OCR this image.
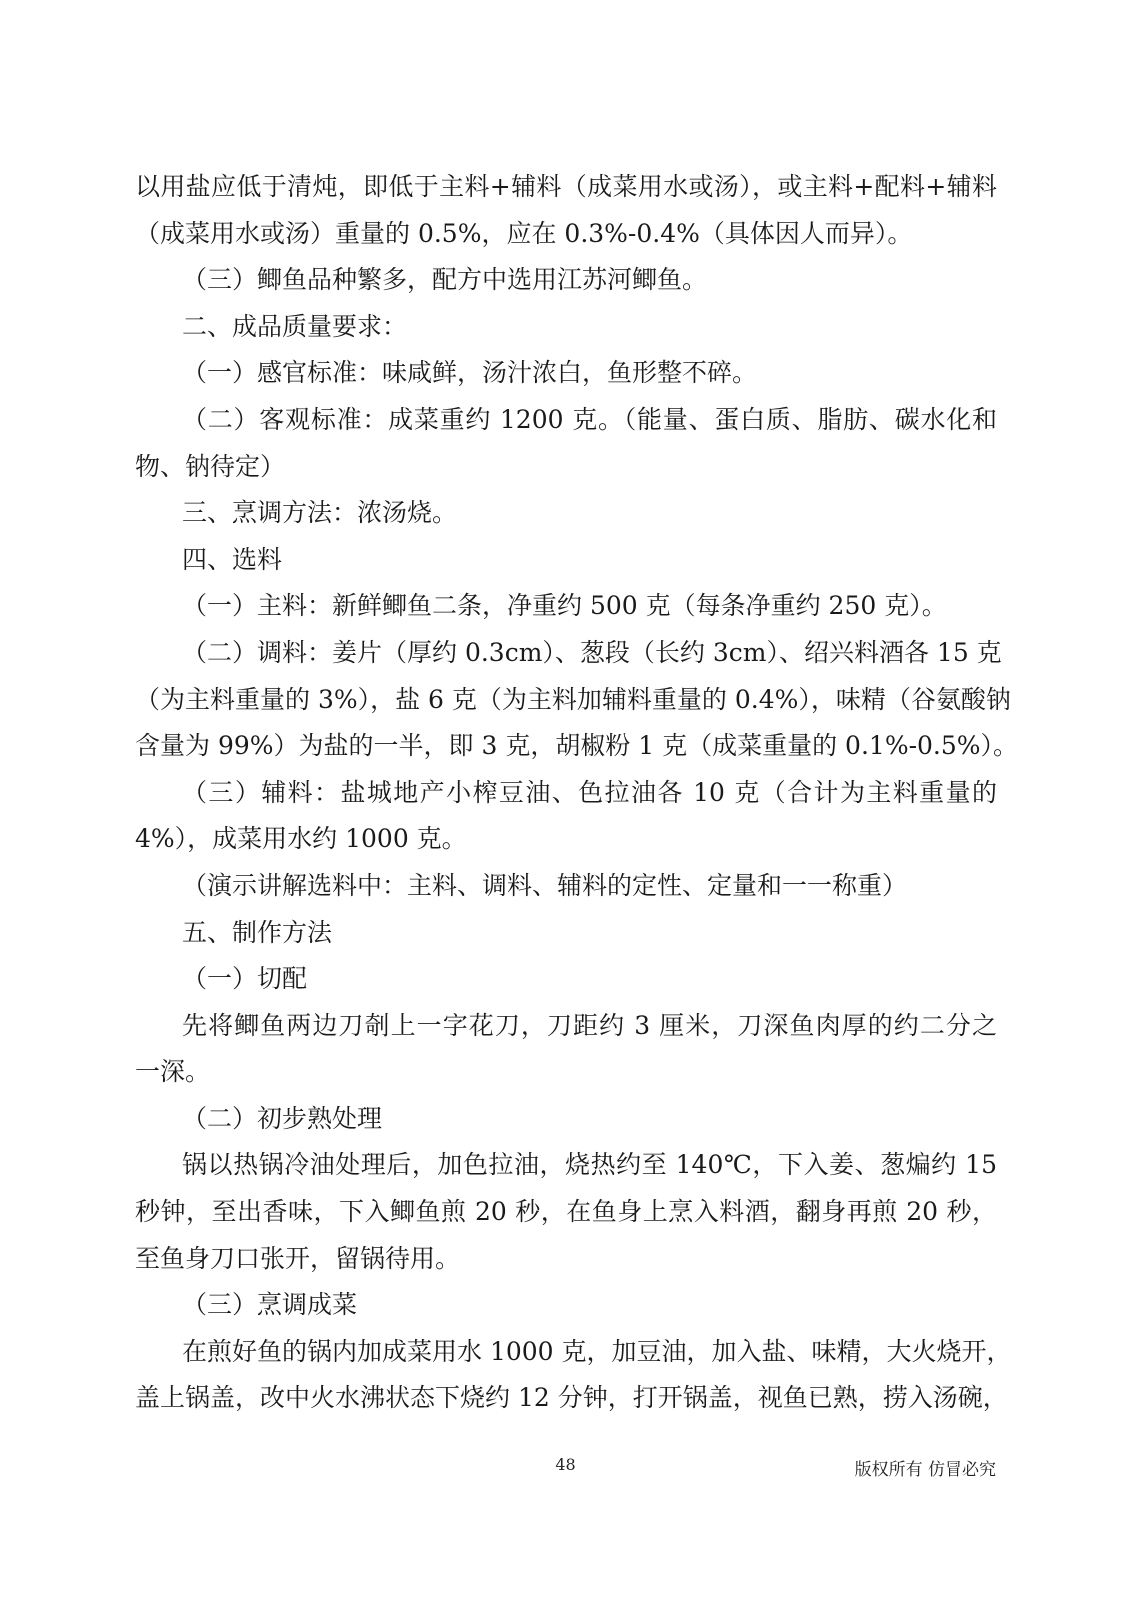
以用盐应低于清炖，即低于主料+辅料（成菜用水或汤），或主料+配料+辅料
（成菜用水或汤）重量的 0.5%，应在 0.3%-0.4%（具体因人而异）。
（三）鲫鱼品种繁多，配方中选用江苏河鲫鱼。
二、成品质量要求：
（一）感官标准：味咸鲜，汤汁浓白，鱼形整不碎。
（二）客观标准：成菜重约 1200 克。（能量、蛋白质、脂肪、碳水化和
物、钠待定）
三、烹调方法：浓汤烧。
四、选料
（一）主料：新鲜鲫鱼二条，净重约 500 克（每条净重约 250 克）。
（二）调料：姜片（厚约 0.3cm）、葱段（长约 3cm）、绍兴料酒各 15 克
（为主料重量的 3%），盐 6 克（为主料加辅料重量的 0.4%），味精（谷氨酸钠
含量为 99%）为盐的一半，即 3 克，胡椒粉 1 克（成菜重量的 0.1%-0.5%）。
（三）辅料：盐城地产小榨豆油、色拉油各 10 克（合计为主料重量的
4%），成菜用水约 1000 克。
（演示讲解选料中：主料、调料、辅料的定性、定量和一一称重）
五、制作方法
（一）切配
先将鲫鱼两边刀剞上一字花刀，刀距约 3 厘米，刀深鱼肉厚的约二分之
一深。
（二）初步熟处理
锅以热锅冷油处理后，加色拉油，烧热约至 140℃，下入姜、葱煸约 15
秒钟，至出香味，下入鲫鱼煎 20 秒，在鱼身上烹入料酒，翻身再煎 20 秒，
至鱼身刀口张开，留锅待用。
（三）烹调成菜
在煎好鱼的锅内加成菜用水 1000 克，加豆油，加入盐、味精，大火烧开，
盖上锅盖，改中火水沸状态下烧约 12 分钟，打开锅盖，视鱼已熟，捞入汤碗，
48	版权所有 仿冒必究
